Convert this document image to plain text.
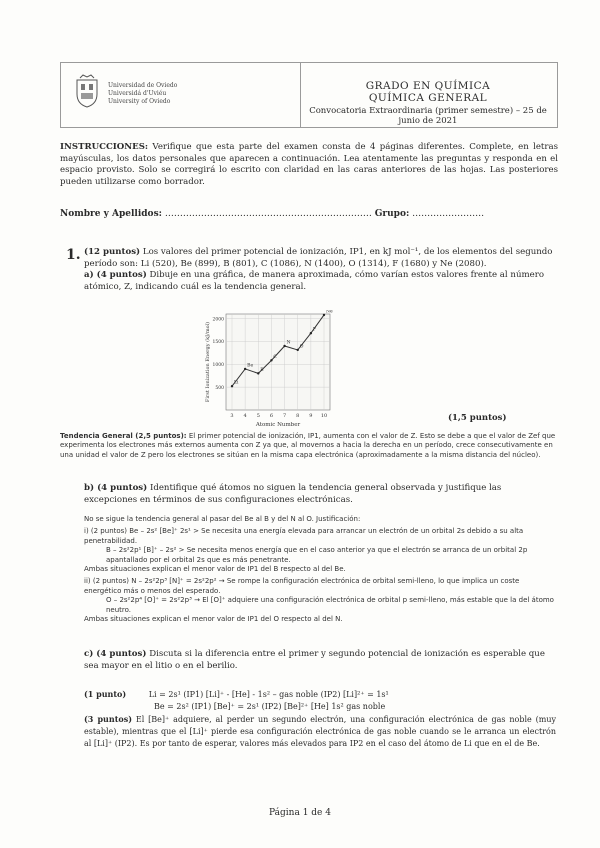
Universidad de Oviedo
Universidá d'Uviéu
University of Oviedo
GRADO EN QUÍMICA
QUÍMICA GENERAL
Convocatoria Extraordinaria (primer semestre) – 25 de junio de 2021
INSTRUCCIONES: Verifique que esta parte del examen consta de 4 páginas diferentes. Complete, en letras mayúsculas, los datos personales que aparecen a continuación. Lea atentamente las preguntas y responda en el espacio provisto. Solo se corregirá lo escrito con claridad en las caras anteriores de las hojas. Las posteriores pueden utilizarse como borrador.
Nombre y Apellidos: …………………………………………………………… Grupo: ……………………
1. (12 puntos) Los valores del primer potencial de ionización, IP1, en kJ mol⁻¹, de los elementos del segundo período son: Li (520), Be (899), B (801), C (1086), N (1400), O (1314), F (1680) y Ne (2080).
a) (4 puntos) Dibuje en una gráfica, de manera aproximada, cómo varían estos valores frente al número atómico, Z, indicando cuál es la tendencia general.
500
1000
1500
2000
3 4 5 6 7 8 9 10
Li
Be
B
C
N
O
F
Ne
Atomic Number
First Ionization Energy (kJ/mol)
(1,5 puntos)
Tendencia General (2,5 puntos): El primer potencial de ionización, IP1, aumenta con el valor de Z. Esto se debe a que el valor de Zef que experimenta los electrones más externos aumenta con Z ya que, al movernos a hacia la derecha en un período, crece consecutivamente en una unidad el valor de Z pero los electrones se sitúan en la misma capa electrónica (aproximadamente a la misma distancia del núcleo).
b) (4 puntos) Identifique qué átomos no siguen la tendencia general observada y justifique las excepciones en términos de sus configuraciones electrónicas.
No se sigue la tendencia general al pasar del Be al B y del N al O. Justificación:
i) (2 puntos) Be – 2s² [Be]⁺ 2s¹ > Se necesita una energía elevada para arrancar un electrón de un orbital 2s debido a su alta penetrabilidad.
B – 2s²2p¹ [B]⁺ – 2s² > Se necesita menos energía que en el caso anterior ya que el electrón se arranca de un orbital 2p apantallado por el orbital 2s que es más penetrante.
Ambas situaciones explican el menor valor de IP1 del B respecto al del Be.
ii) (2 puntos) N – 2s²2p³ [N]⁺ = 2s²2p² → Se rompe la configuración electrónica de orbital semi-lleno, lo que implica un coste energético más o menos del esperado.
O – 2s²2p⁴ [O]⁺ = 2s²2p³ → El [O]⁺ adquiere una configuración electrónica de orbital p semi-lleno, más estable que la del átomo neutro.
Ambas situaciones explican el menor valor de IP1 del O respecto al del N.
c) (4 puntos) Discuta si la diferencia entre el primer y segundo potencial de ionización es esperable que sea mayor en el litio o en el berilio.
(1 punto)	Li = 2s¹ (IP1) [Li]⁺ - [He] - 1s² – gas noble (IP2) [Li]²⁺ = 1s¹
Be = 2s² (IP1) [Be]⁺ = 2s¹ (IP2) [Be]²⁺ [He] 1s² gas noble
(3 puntos) El [Be]⁺ adquiere, al perder un segundo electrón, una configuración electrónica de gas noble (muy estable), mientras que el [Li]⁺ pierde esa configuración electrónica de gas noble cuando se le arranca un electrón al [Li]⁺ (IP2). Es por tanto de esperar, valores más elevados para IP2 en el caso del átomo de Li que en el de Be.
Página 1 de 4
